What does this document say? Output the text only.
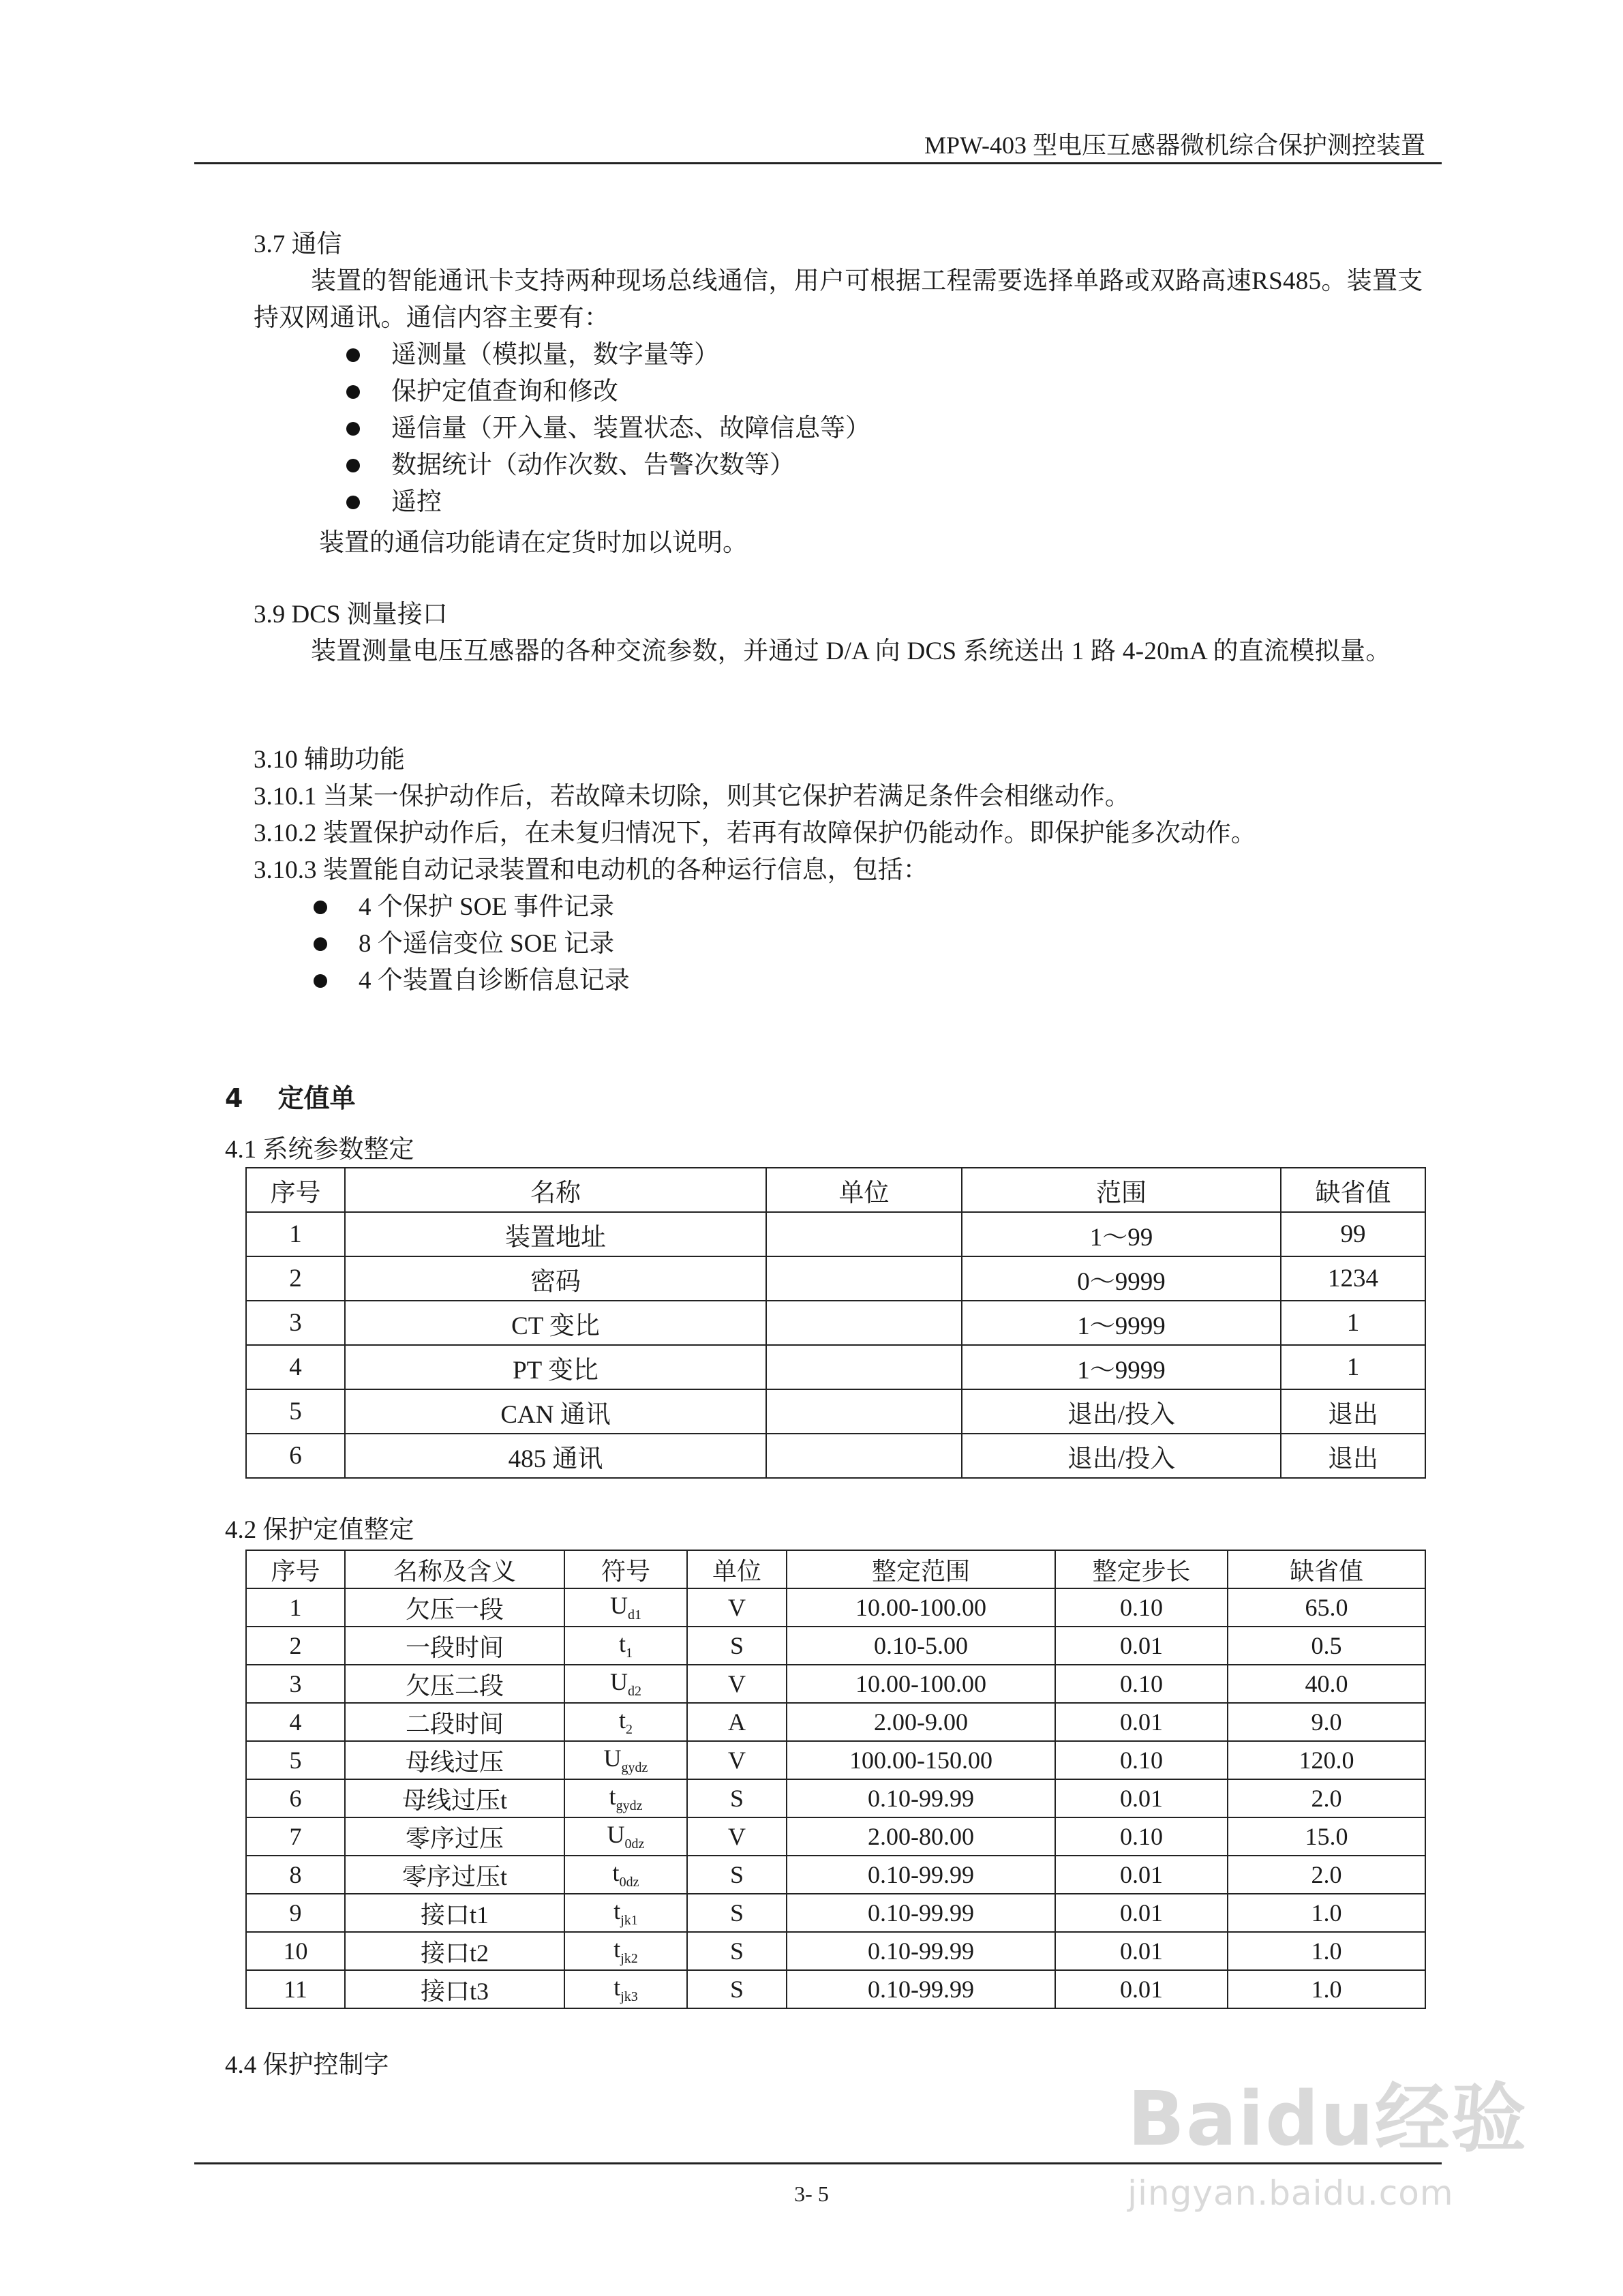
MPW-403 型电压互感器微机综合保护测控装置
3.7 通信
装置的智能通讯卡支持两种现场总线通信，用户可根据工程需要选择单路或双路高速RS485。装置支持双网通讯。通信内容主要有：
遥测量（模拟量，数字量等）
保护定值查询和修改
遥信量（开入量、装置状态、故障信息等）
数据统计（动作次数、告警次数等）
遥控
装置的通信功能请在定货时加以说明。
3.9 DCS 测量接口
装置测量电压互感器的各种交流参数，并通过 D/A 向 DCS 系统送出 1 路 4-20mA 的直流模拟量。
3.10 辅助功能
3.10.1 当某一保护动作后，若故障未切除，则其它保护若满足条件会相继动作。
3.10.2 装置保护动作后，在未复归情况下，若再有故障保护仍能动作。即保护能多次动作。
3.10.3 装置能自动记录装置和电动机的各种运行信息，包括：
4 个保护 SOE 事件记录
8 个遥信变位 SOE 记录
4 个装置自诊断信息记录
4　 定值单
4.1 系统参数整定
序号	名称	单位	范围	缺省值
1	装置地址		1～99	99
2	密码		0～9999	1234
3	CT 变比		1～9999	1
4	PT 变比		1～9999	1
5	CAN 通讯		退出/投入	退出
6	485 通讯		退出/投入	退出
4.2 保护定值整定
序号	名称及含义	符号	单位	整定范围	整定步长	缺省值
1	欠压一段	$U_{d1}$	V	10.00-100.00	0.10	65.0
2	一段时间	$t_1$	S	0.10-5.00	0.01	0.5
3	欠压二段	$U_{d2}$	V	10.00-100.00	0.10	40.0
4	二段时间	$t_2$	A	2.00-9.00	0.01	9.0
5	母线过压	$U_{gydz}$	V	100.00-150.00	0.10	120.0
6	母线过压t	$t_{gydz}$	S	0.10-99.99	0.01	2.0
7	零序过压	$U_{0dz}$	V	2.00-80.00	0.10	15.0
8	零序过压t	$t_{0dz}$	S	0.10-99.99	0.01	2.0
9	接口t1	$t_{jk1}$	S	0.10-99.99	0.01	1.0
10	接口t2	$t_{jk2}$	S	0.10-99.99	0.01	1.0
11	接口t3	$t_{jk3}$	S	0.10-99.99	0.01	1.0
4.4 保护控制字
3- 5
Baidu经验
jingyan.baidu.com
